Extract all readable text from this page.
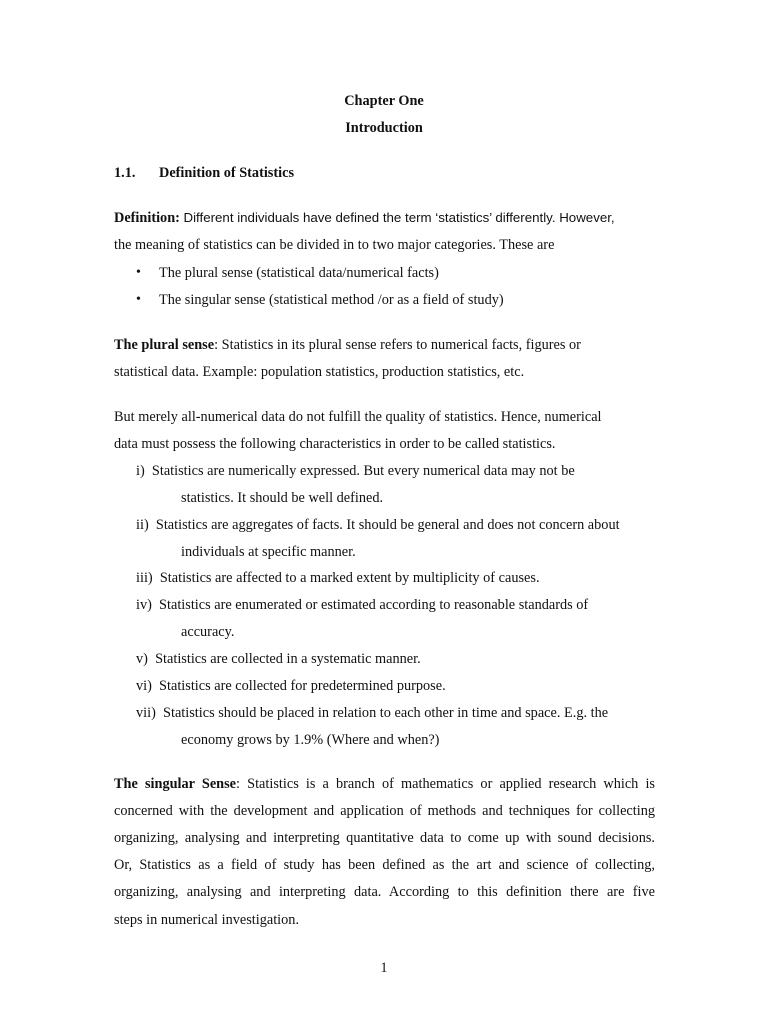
Chapter One
Introduction
1.1. Definition of Statistics
Definition: Different individuals have defined the term ‘statistics’ differently. However,
the meaning of statistics can be divided in to two major categories. These are
• The plural sense (statistical data/numerical facts)
• The singular sense (statistical method /or as a field of study)
The plural sense: Statistics in its plural sense refers to numerical facts, figures or
statistical data. Example: population statistics, production statistics, etc.
But merely all-numerical data do not fulfill the quality of statistics. Hence, numerical
data must possess the following characteristics in order to be called statistics.
i) Statistics are numerically expressed. But every numerical data may not be
statistics. It should be well defined.
ii) Statistics are aggregates of facts. It should be general and does not concern about
individuals at specific manner.
iii) Statistics are affected to a marked extent by multiplicity of causes.
iv) Statistics are enumerated or estimated according to reasonable standards of
accuracy.
v) Statistics are collected in a systematic manner.
vi) Statistics are collected for predetermined purpose.
vii) Statistics should be placed in relation to each other in time and space. E.g. the
economy grows by 1.9% (Where and when?)
The singular Sense: Statistics is a branch of mathematics or applied research which is
concerned with the development and application of methods and techniques for collecting
organizing, analysing and interpreting quantitative data to come up with sound decisions.
Or, Statistics as a field of study has been defined as the art and science of collecting,
organizing, analysing and interpreting data. According to this definition there are five
steps in numerical investigation.
1
